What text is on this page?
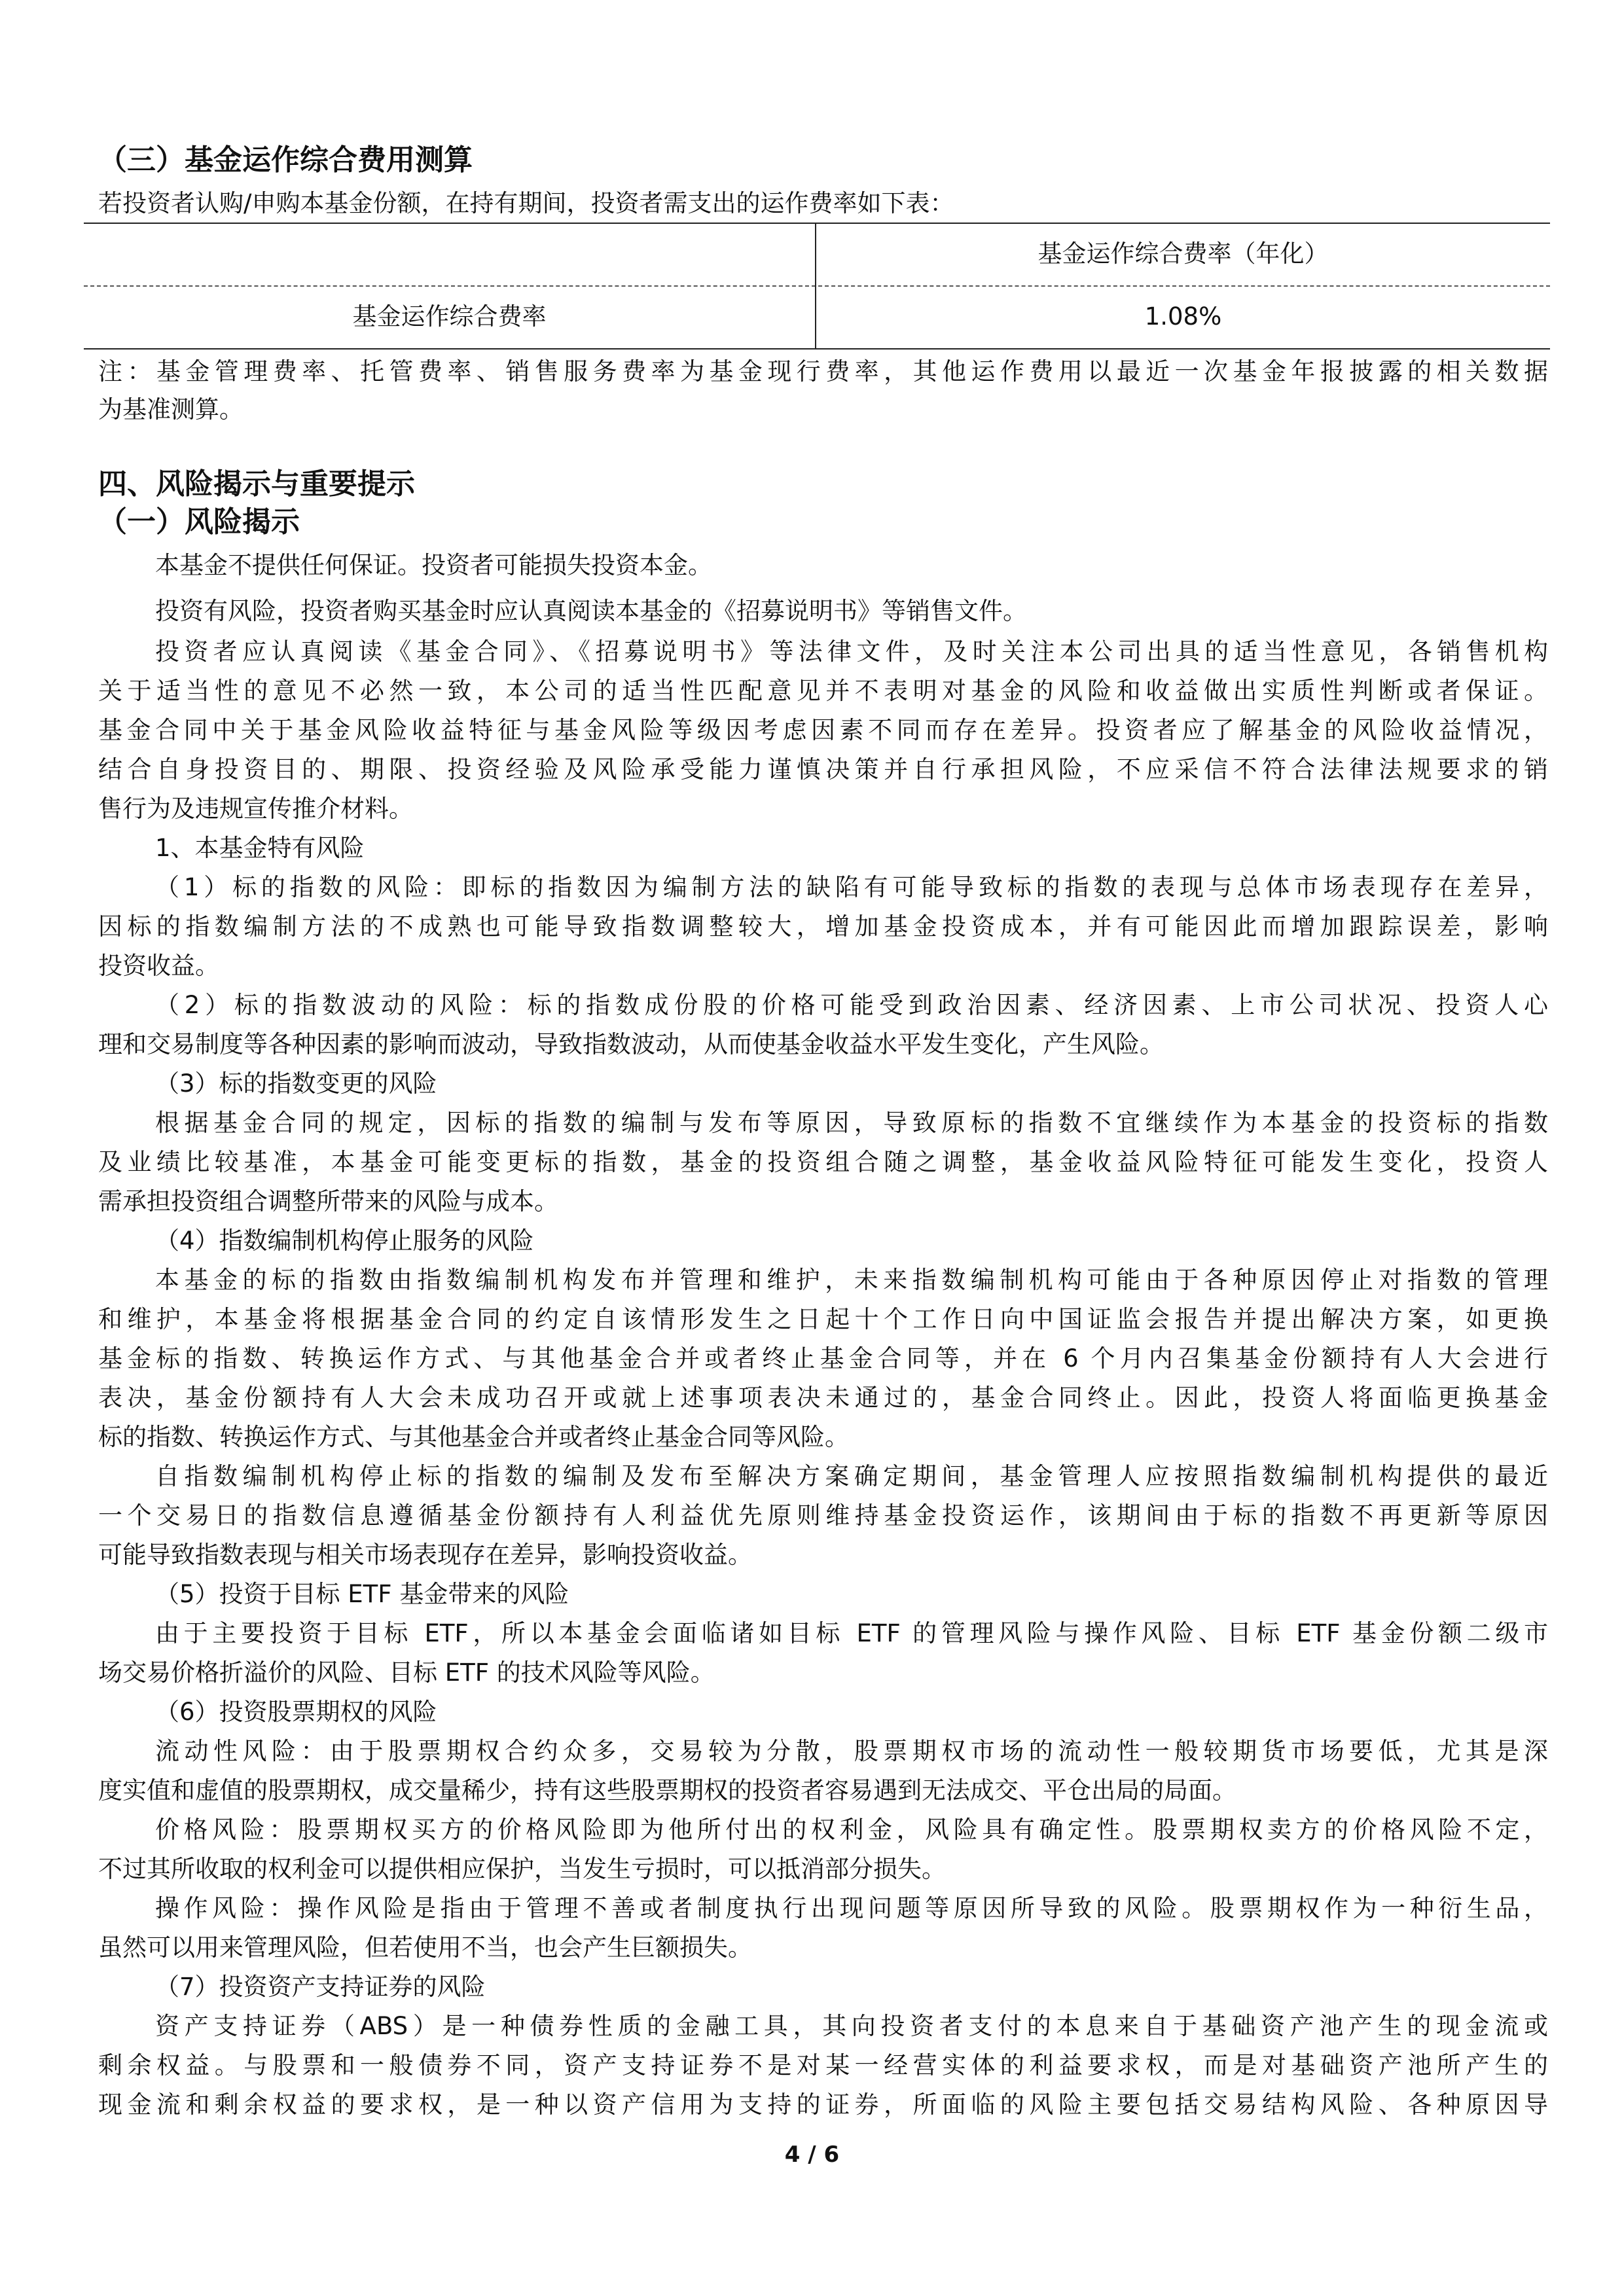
（三）基金运作综合费用测算
若投资者认购/申购本基金份额，在持有期间，投资者需支出的运作费率如下表：
基金运作综合费率（年化）
基金运作综合费率	1.08%
注：基金管理费率、托管费率、销售服务费率为基金现行费率，其他运作费用以最近一次基金年报披露的相关数据
为基准测算。
四、风险揭示与重要提示
（一）风险揭示
本基金不提供任何保证。投资者可能损失投资本金。
投资有风险，投资者购买基金时应认真阅读本基金的《招募说明书》等销售文件。
投资者应认真阅读《基金合同》、《招募说明书》等法律文件，及时关注本公司出具的适当性意见，各销售机构
关于适当性的意见不必然一致，本公司的适当性匹配意见并不表明对基金的风险和收益做出实质性判断或者保证。
基金合同中关于基金风险收益特征与基金风险等级因考虑因素不同而存在差异。投资者应了解基金的风险收益情况，
结合自身投资目的、期限、投资经验及风险承受能力谨慎决策并自行承担风险，不应采信不符合法律法规要求的销
售行为及违规宣传推介材料。
1、本基金特有风险
（1）标的指数的风险：即标的指数因为编制方法的缺陷有可能导致标的指数的表现与总体市场表现存在差异，
因标的指数编制方法的不成熟也可能导致指数调整较大，增加基金投资成本，并有可能因此而增加跟踪误差，影响
投资收益。
（2）标的指数波动的风险：标的指数成份股的价格可能受到政治因素、经济因素、上市公司状况、投资人心
理和交易制度等各种因素的影响而波动，导致指数波动，从而使基金收益水平发生变化，产生风险。
（3）标的指数变更的风险
根据基金合同的规定，因标的指数的编制与发布等原因，导致原标的指数不宜继续作为本基金的投资标的指数
及业绩比较基准，本基金可能变更标的指数，基金的投资组合随之调整，基金收益风险特征可能发生变化，投资人
需承担投资组合调整所带来的风险与成本。
（4）指数编制机构停止服务的风险
本基金的标的指数由指数编制机构发布并管理和维护，未来指数编制机构可能由于各种原因停止对指数的管理
和维护，本基金将根据基金合同的约定自该情形发生之日起十个工作日向中国证监会报告并提出解决方案，如更换
基金标的指数、转换运作方式、与其他基金合并或者终止基金合同等，并在 6 个月内召集基金份额持有人大会进行
表决，基金份额持有人大会未成功召开或就上述事项表决未通过的，基金合同终止。因此，投资人将面临更换基金
标的指数、转换运作方式、与其他基金合并或者终止基金合同等风险。
自指数编制机构停止标的指数的编制及发布至解决方案确定期间，基金管理人应按照指数编制机构提供的最近
一个交易日的指数信息遵循基金份额持有人利益优先原则维持基金投资运作，该期间由于标的指数不再更新等原因
可能导致指数表现与相关市场表现存在差异，影响投资收益。
（5）投资于目标 ETF 基金带来的风险
由于主要投资于目标 ETF，所以本基金会面临诸如目标 ETF 的管理风险与操作风险、目标 ETF 基金份额二级市
场交易价格折溢价的风险、目标 ETF 的技术风险等风险。
（6）投资股票期权的风险
流动性风险：由于股票期权合约众多，交易较为分散，股票期权市场的流动性一般较期货市场要低，尤其是深
度实值和虚值的股票期权，成交量稀少，持有这些股票期权的投资者容易遇到无法成交、平仓出局的局面。
价格风险：股票期权买方的价格风险即为他所付出的权利金，风险具有确定性。股票期权卖方的价格风险不定，
不过其所收取的权利金可以提供相应保护，当发生亏损时，可以抵消部分损失。
操作风险：操作风险是指由于管理不善或者制度执行出现问题等原因所导致的风险。股票期权作为一种衍生品，
虽然可以用来管理风险，但若使用不当，也会产生巨额损失。
（7）投资资产支持证券的风险
资产支持证券（ABS）是一种债券性质的金融工具，其向投资者支付的本息来自于基础资产池产生的现金流或
剩余权益。与股票和一般债券不同，资产支持证券不是对某一经营实体的利益要求权，而是对基础资产池所产生的
现金流和剩余权益的要求权，是一种以资产信用为支持的证券，所面临的风险主要包括交易结构风险、各种原因导
4 / 6
